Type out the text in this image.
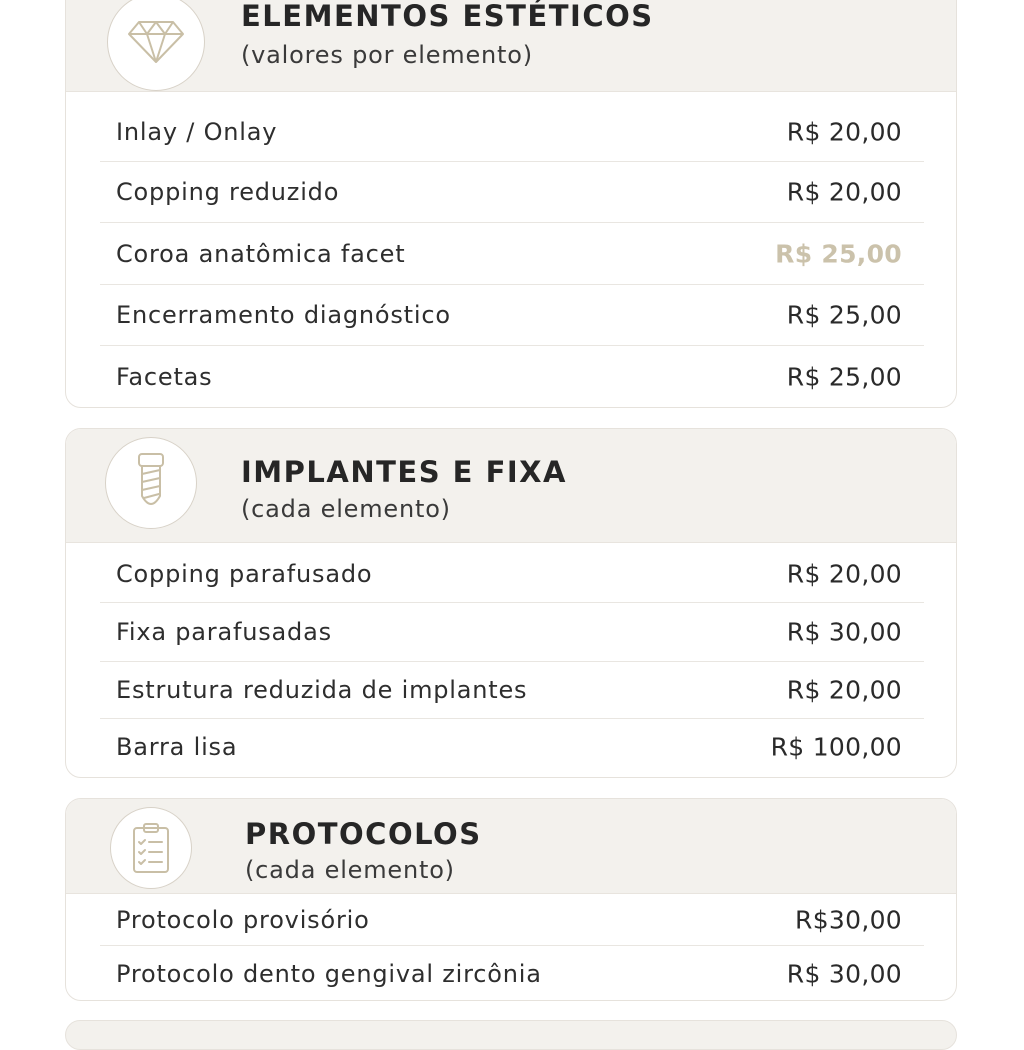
ELEMENTOS ESTÉTICOS
(valores por elemento)
Inlay / Onlay	R$ 20,00
Copping reduzido	R$ 20,00
Coroa anatômica facet	R$ 25,00
Encerramento diagnóstico	R$ 25,00
Facetas	R$ 25,00
IMPLANTES E FIXA
(cada elemento)
Copping parafusado	R$ 20,00
Fixa parafusadas	R$ 30,00
Estrutura reduzida de implantes	R$ 20,00
Barra lisa	R$ 100,00
PROTOCOLOS
(cada elemento)
Protocolo provisório	R$30,00
Protocolo dento gengival zircônia	R$ 30,00
